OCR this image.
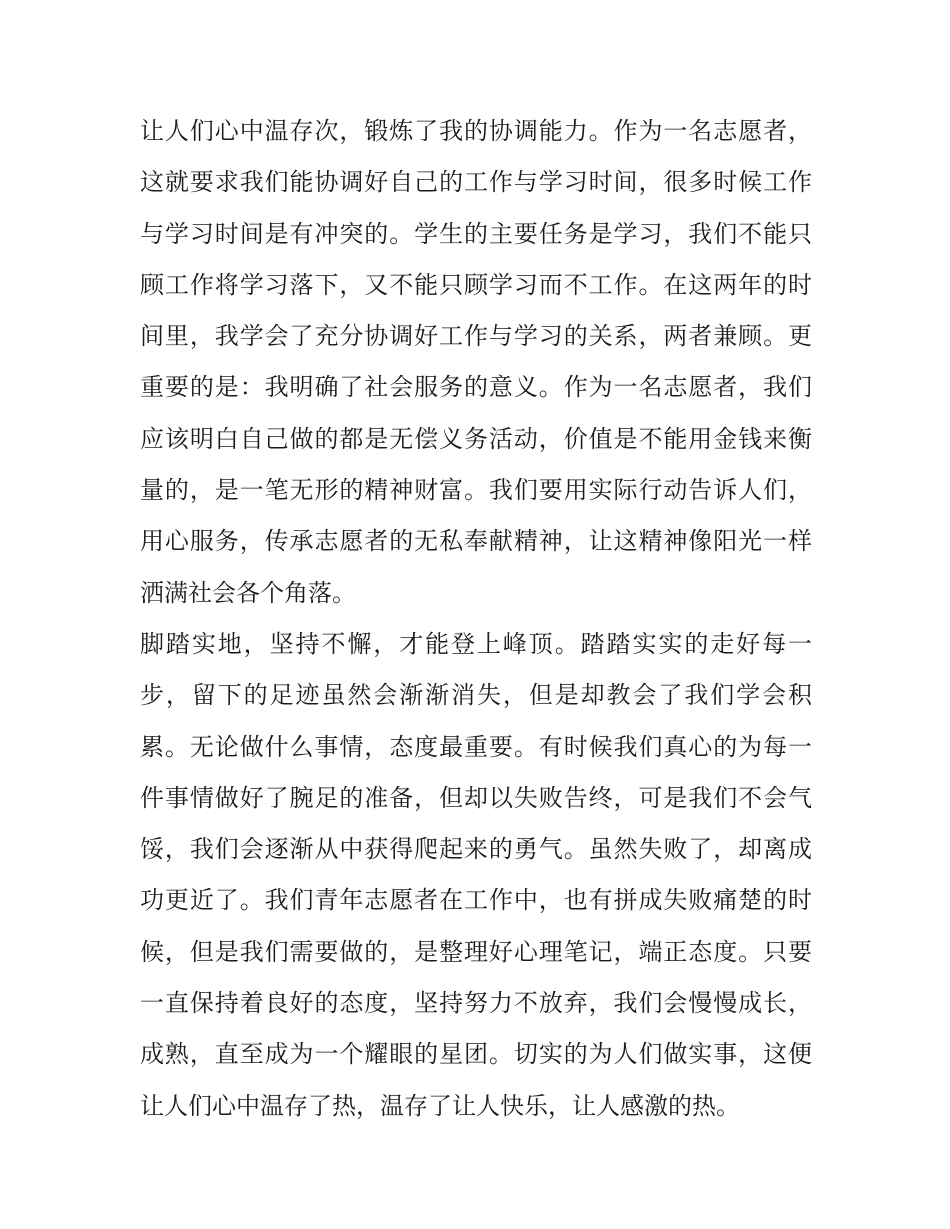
让人们心中温存次，锻炼了我的协调能力。作为一名志愿者，
这就要求我们能协调好自己的工作与学习时间，很多时候工作
与学习时间是有冲突的。学生的主要任务是学习，我们不能只
顾工作将学习落下，又不能只顾学习而不工作。在这两年的时
间里，我学会了充分协调好工作与学习的关系，两者兼顾。更
重要的是：我明确了社会服务的意义。作为一名志愿者，我们
应该明白自己做的都是无偿义务活动，价值是不能用金钱来衡
量的，是一笔无形的精神财富。我们要用实际行动告诉人们，
用心服务，传承志愿者的无私奉献精神，让这精神像阳光一样
洒满社会各个角落。
脚踏实地，坚持不懈，才能登上峰顶。踏踏实实的走好每一
步，留下的足迹虽然会渐渐消失，但是却教会了我们学会积
累。无论做什么事情，态度最重要。有时候我们真心的为每一
件事情做好了腕足的准备，但却以失败告终，可是我们不会气
馁，我们会逐渐从中获得爬起来的勇气。虽然失败了，却离成
功更近了。我们青年志愿者在工作中，也有拼成失败痛楚的时
候，但是我们需要做的，是整理好心理笔记，端正态度。只要
一直保持着良好的态度，坚持努力不放弃，我们会慢慢成长，
成熟，直至成为一个耀眼的星团。切实的为人们做实事，这便
让人们心中温存了热，温存了让人快乐，让人感激的热。
